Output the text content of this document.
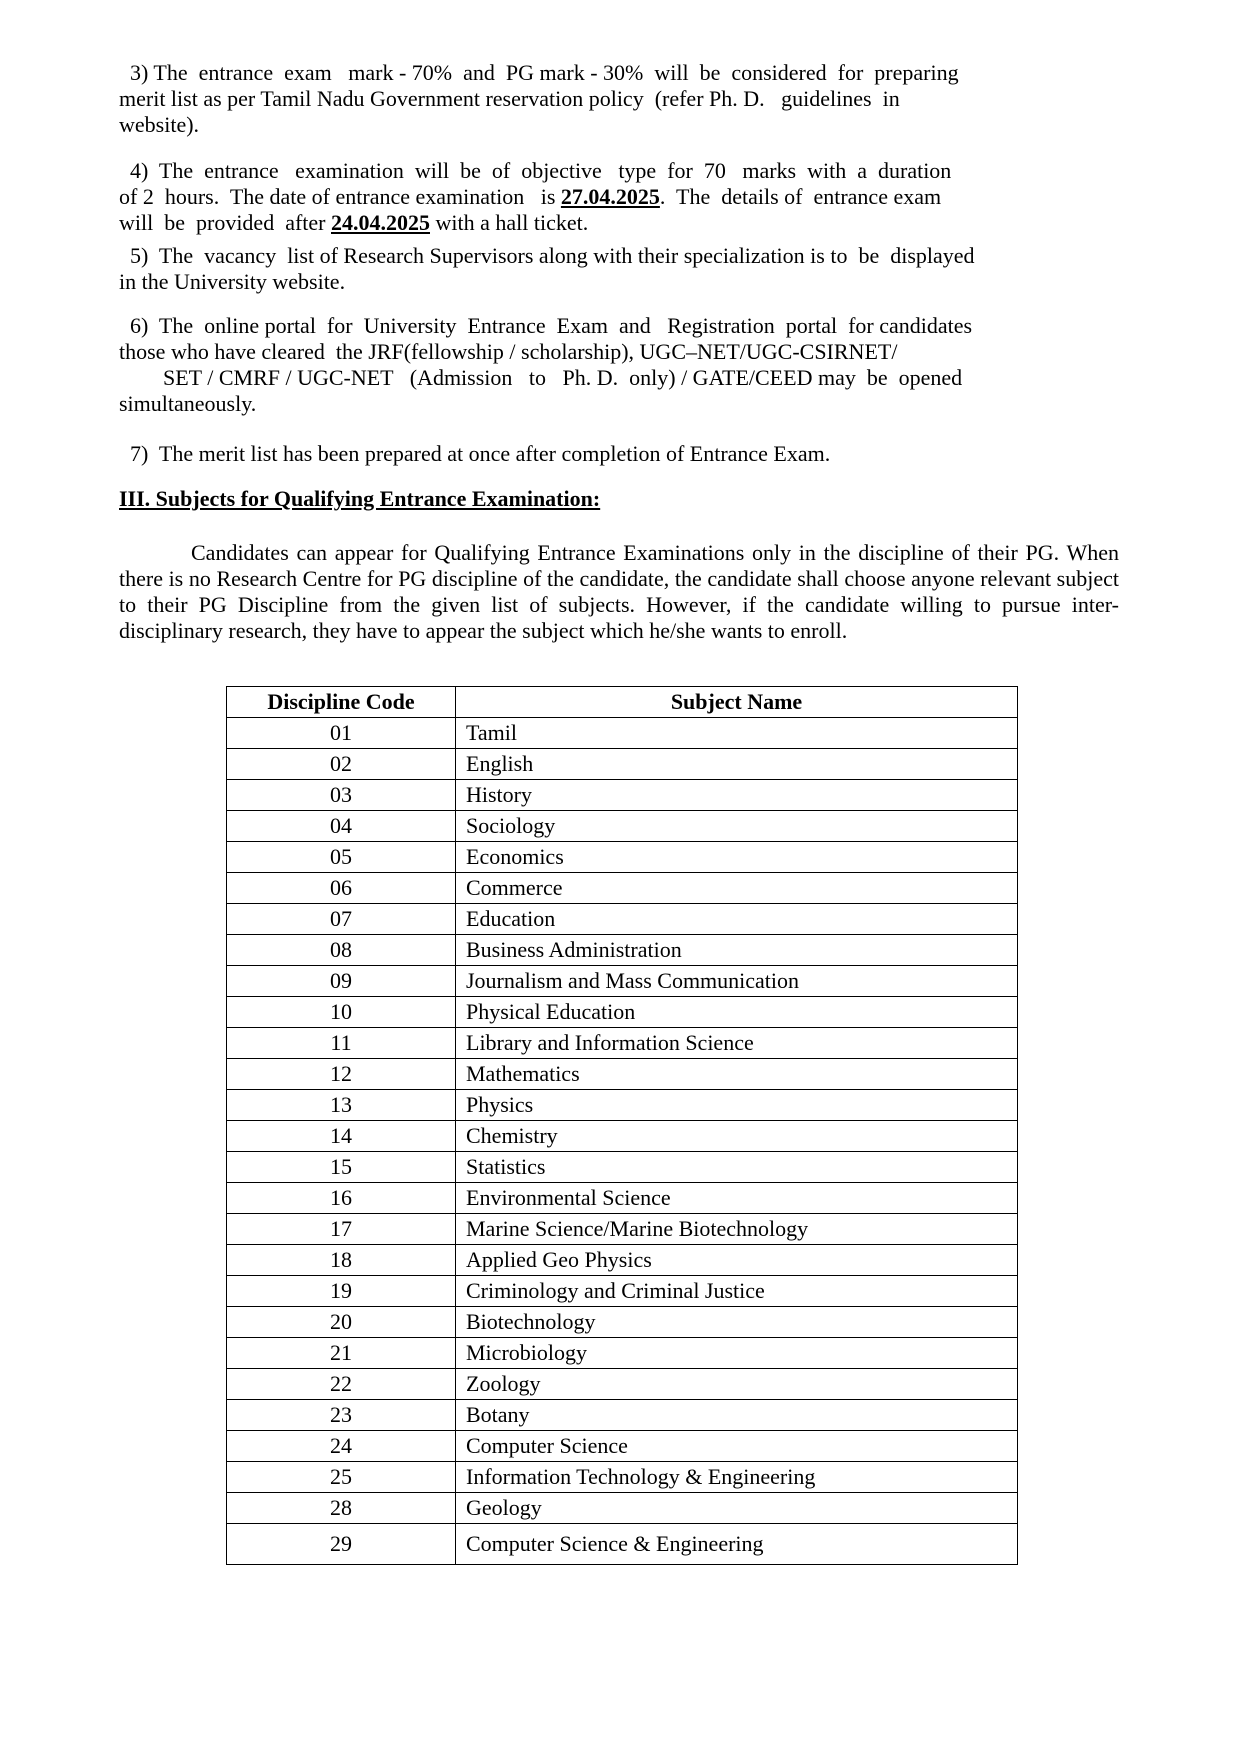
3) The  entrance  exam   mark - 70%  and  PG mark - 30%  will  be  considered  for  preparing
merit list as per Tamil Nadu Government reservation policy  (refer Ph. D.   guidelines  in
website).
4)  The  entrance   examination  will  be  of  objective   type  for  70   marks  with  a  duration
of 2  hours.  The date of entrance examination   is 27.04.2025.  The  details of  entrance exam
will  be  provided  after 24.04.2025 with a hall ticket.
5)  The  vacancy  list of Research Supervisors along with their specialization is to  be  displayed
in the University website.
6)  The  online portal  for  University  Entrance  Exam  and   Registration  portal  for candidates
those who have cleared  the JRF(fellowship / scholarship), UGC–NET/UGC-CSIRNET/
SET / CMRF / UGC-NET   (Admission   to   Ph. D.  only) / GATE/CEED may  be  opened
simultaneously.
7)  The merit list has been prepared at once after completion of Entrance Exam.

III. Subjects for Qualifying Entrance Examination:

Candidates can appear for Qualifying Entrance Examinations only in the discipline of their PG. When there is no Research Centre for PG discipline of the candidate, the candidate shall choose anyone relevant subject to their PG Discipline from the given list of subjects. However, if the candidate willing to pursue inter-disciplinary research, they have to appear the subject which he/she wants to enroll.

Discipline Code	Subject Name
01	Tamil
02	English
03	History
04	Sociology
05	Economics
06	Commerce
07	Education
08	Business Administration
09	Journalism and Mass Communication
10	Physical Education
11	Library and Information Science
12	Mathematics
13	Physics
14	Chemistry
15	Statistics
16	Environmental Science
17	Marine Science/Marine Biotechnology
18	Applied Geo Physics
19	Criminology and Criminal Justice
20	Biotechnology
21	Microbiology
22	Zoology
23	Botany
24	Computer Science
25	Information Technology & Engineering
28	Geology
29	Computer Science & Engineering
